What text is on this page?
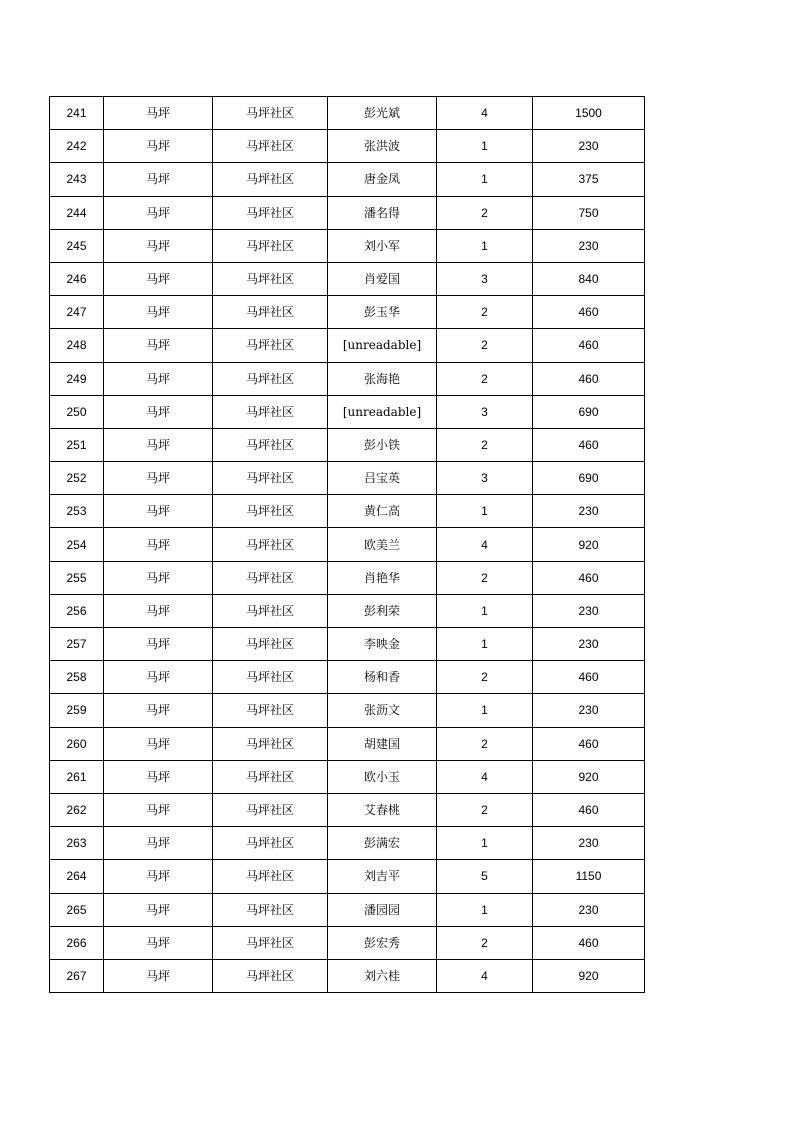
241	马坪	马坪社区	彭光斌	4	1500
242	马坪	马坪社区	张洪波	1	230
243	马坪	马坪社区	唐金凤	1	375
244	马坪	马坪社区	潘名得	2	750
245	马坪	马坪社区	刘小军	1	230
246	马坪	马坪社区	肖爱国	3	840
247	马坪	马坪社区	彭玉华	2	460
248	马坪	马坪社区	[unreadable]	2	460
249	马坪	马坪社区	张海艳	2	460
250	马坪	马坪社区	[unreadable]	3	690
251	马坪	马坪社区	彭小铁	2	460
252	马坪	马坪社区	吕宝英	3	690
253	马坪	马坪社区	黄仁高	1	230
254	马坪	马坪社区	欧美兰	4	920
255	马坪	马坪社区	肖艳华	2	460
256	马坪	马坪社区	彭利荣	1	230
257	马坪	马坪社区	李映金	1	230
258	马坪	马坪社区	杨和香	2	460
259	马坪	马坪社区	张沥文	1	230
260	马坪	马坪社区	胡建国	2	460
261	马坪	马坪社区	欧小玉	4	920
262	马坪	马坪社区	艾春桃	2	460
263	马坪	马坪社区	彭满宏	1	230
264	马坪	马坪社区	刘吉平	5	1150
265	马坪	马坪社区	潘园园	1	230
266	马坪	马坪社区	彭宏秀	2	460
267	马坪	马坪社区	刘六桂	4	920
